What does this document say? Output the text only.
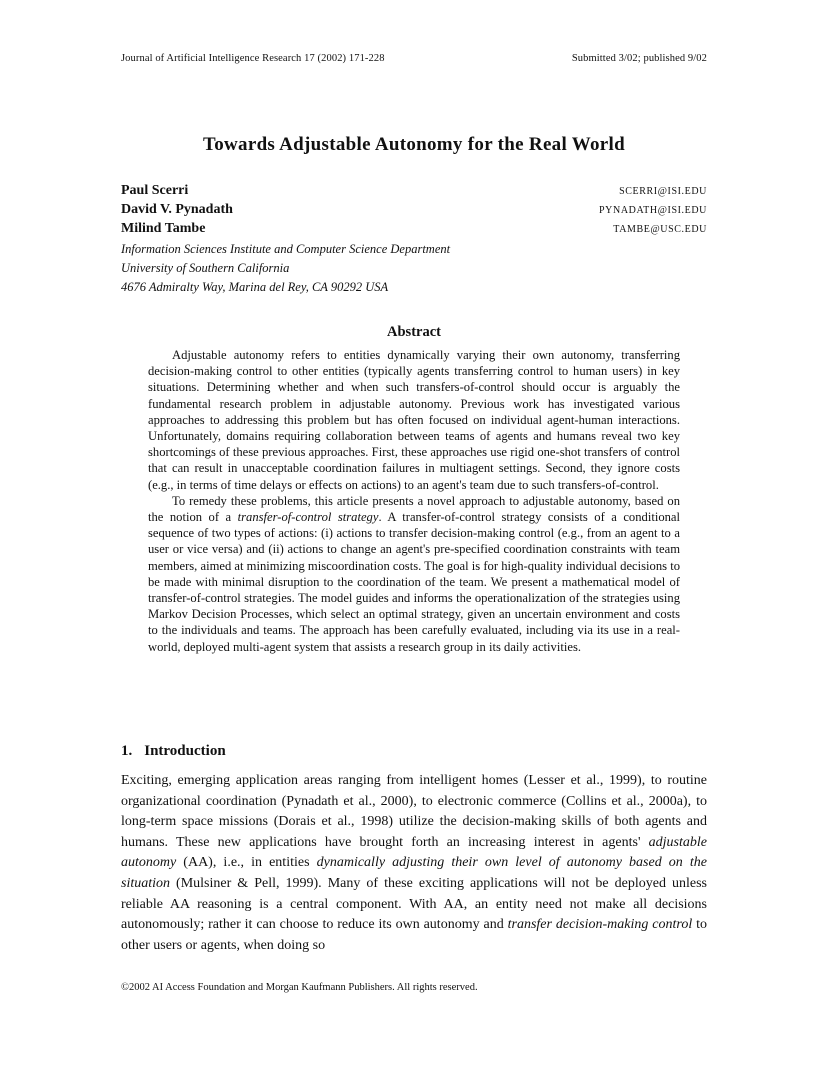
Journal of Artificial Intelligence Research 17 (2002) 171-228	Submitted 3/02; published 9/02
Towards Adjustable Autonomy for the Real World
Paul Scerri	SCERRI@ISI.EDU
David V. Pynadath	PYNADATH@ISI.EDU
Milind Tambe	TAMBE@USC.EDU
Information Sciences Institute and Computer Science Department
University of Southern California
4676 Admiralty Way, Marina del Rey, CA 90292 USA
Abstract

Adjustable autonomy refers to entities dynamically varying their own autonomy, transferring decision-making control to other entities (typically agents transferring control to human users) in key situations. Determining whether and when such transfers-of-control should occur is arguably the fundamental research problem in adjustable autonomy. Previous work has investigated various approaches to addressing this problem but has often focused on individual agent-human interactions. Unfortunately, domains requiring collaboration between teams of agents and humans reveal two key shortcomings of these previous approaches. First, these approaches use rigid one-shot transfers of control that can result in unacceptable coordination failures in multiagent settings. Second, they ignore costs (e.g., in terms of time delays or effects on actions) to an agent's team due to such transfers-of-control.

To remedy these problems, this article presents a novel approach to adjustable autonomy, based on the notion of a transfer-of-control strategy. A transfer-of-control strategy consists of a conditional sequence of two types of actions: (i) actions to transfer decision-making control (e.g., from an agent to a user or vice versa) and (ii) actions to change an agent's pre-specified coordination constraints with team members, aimed at minimizing miscoordination costs. The goal is for high-quality individual decisions to be made with minimal disruption to the coordination of the team. We present a mathematical model of transfer-of-control strategies. The model guides and informs the operationalization of the strategies using Markov Decision Processes, which select an optimal strategy, given an uncertain environment and costs to the individuals and teams. The approach has been carefully evaluated, including via its use in a real-world, deployed multi-agent system that assists a research group in its daily activities.

1. Introduction

Exciting, emerging application areas ranging from intelligent homes (Lesser et al., 1999), to routine organizational coordination (Pynadath et al., 2000), to electronic commerce (Collins et al., 2000a), to long-term space missions (Dorais et al., 1998) utilize the decision-making skills of both agents and humans. These new applications have brought forth an increasing interest in agents' adjustable autonomy (AA), i.e., in entities dynamically adjusting their own level of autonomy based on the situation (Mulsiner & Pell, 1999). Many of these exciting applications will not be deployed unless reliable AA reasoning is a central component. With AA, an entity need not make all decisions autonomously; rather it can choose to reduce its own autonomy and transfer decision-making control to other users or agents, when doing so

©2002 AI Access Foundation and Morgan Kaufmann Publishers. All rights reserved.
